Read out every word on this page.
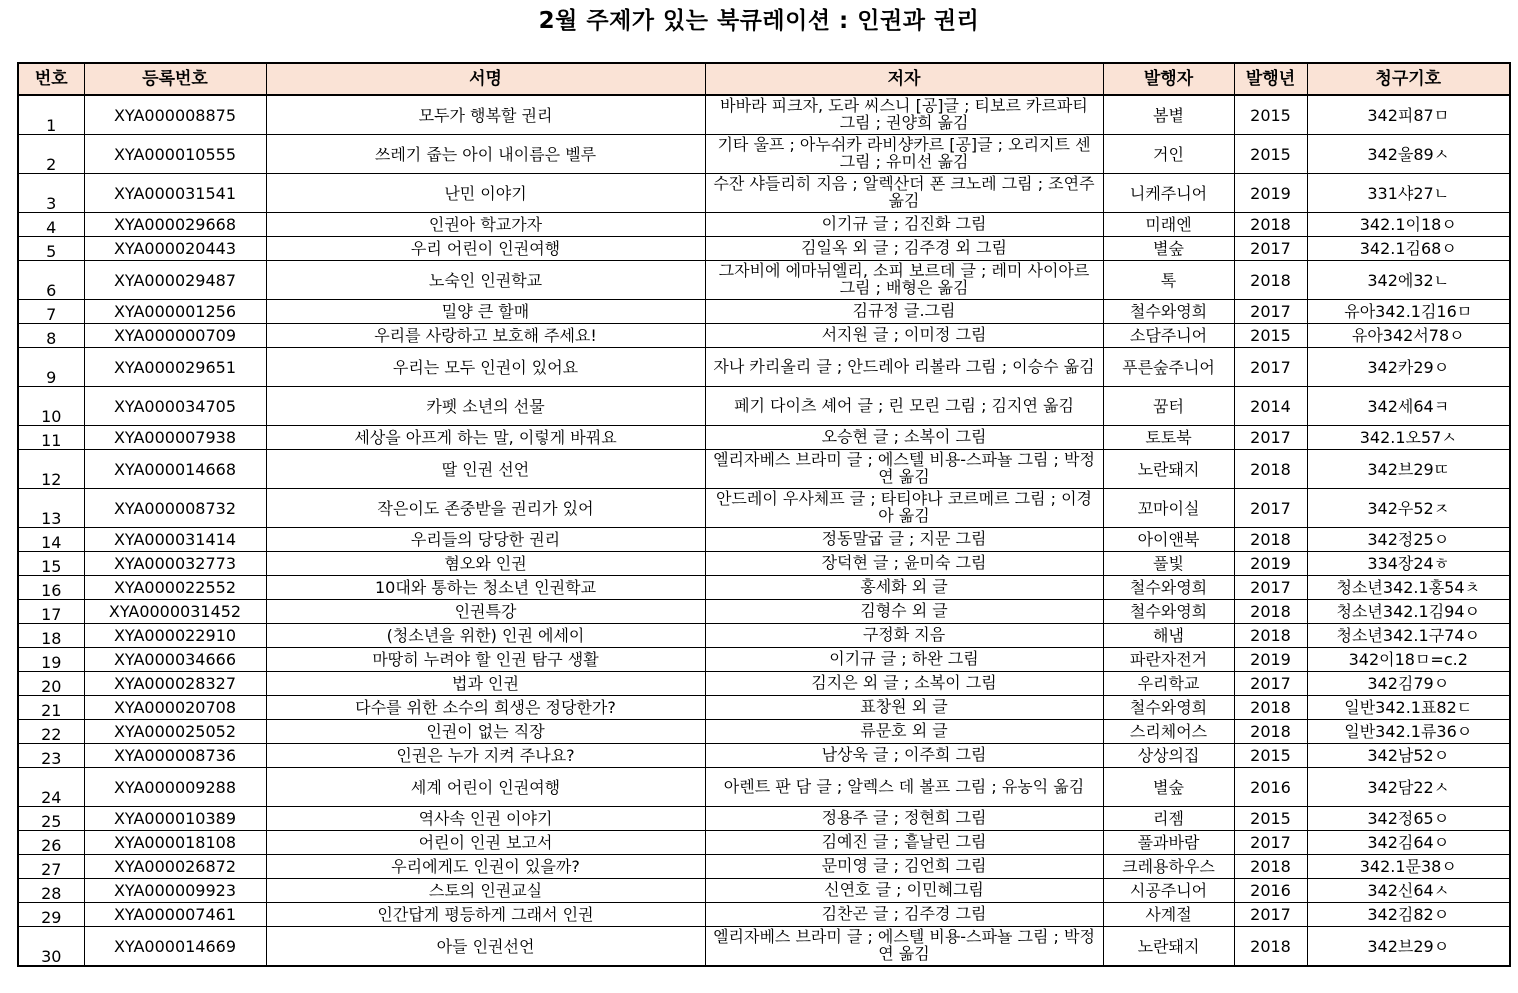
2월 주제가 있는 북큐레이션 : 인권과 권리
번호	등록번호	서명	저자	발행자	발행년	청구기호
1	XYA000008875	모두가 행복할 권리	바바라 피크자, 도라 씨스니 [공]글 ; 티보르 카르파티 그림 ; 권양희 옮김	봄볕	2015	342피87ㅁ
2	XYA000010555	쓰레기 줍는 아이 내이름은 벨루	기타 울프 ; 아누쉬카 라비샹카르 [공]글 ; 오리지트 센 그림 ; 유미선 옮김	거인	2015	342울89ㅅ
3	XYA000031541	난민 이야기	수잔 샤들리히 지음 ; 알렉산더 폰 크노레 그림 ; 조연주 옮김	니케주니어	2019	331샤27ㄴ
4	XYA000029668	인권아 학교가자	이기규 글 ; 김진화 그림	미래엔	2018	342.1이18ㅇ
5	XYA000020443	우리 어린이 인권여행	김일옥 외 글 ; 김주경 외 그림	별숲	2017	342.1김68ㅇ
6	XYA000029487	노숙인 인권학교	그자비에 에마뉘엘리, 소피 보르데 글 ; 레미 사이아르 그림 ; 배형은 옮김	톡	2018	342에32ㄴ
7	XYA000001256	밀양 큰 할매	김규정 글.그림	철수와영희	2017	유아342.1김16ㅁ
8	XYA000000709	우리를 사랑하고 보호해 주세요!	서지원 글 ; 이미정 그림	소담주니어	2015	유아342서78ㅇ
9	XYA000029651	우리는 모두 인권이 있어요	자나 카리올리 글 ; 안드레아 리볼라 그림 ; 이승수 옮김	푸른숲주니어	2017	342카29ㅇ
10	XYA000034705	카펫 소년의 선물	페기 다이츠 셰어 글 ; 린 모린 그림 ; 김지연 옮김	꿈터	2014	342세64ㅋ
11	XYA000007938	세상을 아프게 하는 말, 이렇게 바꿔요	오승현 글 ; 소복이 그림	토토북	2017	342.1오57ㅅ
12	XYA000014668	딸 인권 선언	엘리자베스 브라미 글 ; 에스텔 비용-스파뇰 그림 ; 박정연 옮김	노란돼지	2018	342브29ㄸ
13	XYA000008732	작은이도 존중받을 권리가 있어	안드레이 우사체프 글 ; 타티야나 코르메르 그림 ; 이경아 옮김	꼬마이실	2017	342우52ㅈ
14	XYA000031414	우리들의 당당한 권리	정동말굽 글 ; 지문 그림	아이앤북	2018	342정25ㅇ
15	XYA000032773	혐오와 인권	장덕현 글 ; 윤미숙 그림	풀빛	2019	334장24ㅎ
16	XYA000022552	10대와 통하는 청소년 인권학교	홍세화 외 글	철수와영희	2017	청소년342.1홍54ㅊ
17	XYA0000031452	인권특강	김형수 외 글	철수와영희	2018	청소년342.1김94ㅇ
18	XYA000022910	(청소년을 위한) 인권 에세이	구정화 지음	해냄	2018	청소년342.1구74ㅇ
19	XYA000034666	마땅히 누려야 할 인권 탐구 생활	이기규 글 ; 하완 그림	파란자전거	2019	342이18ㅁ=c.2
20	XYA000028327	법과 인권	김지은 외 글 ; 소복이 그림	우리학교	2017	342김79ㅇ
21	XYA000020708	다수를 위한 소수의 희생은 정당한가?	표창원 외 글	철수와영희	2018	일반342.1표82ㄷ
22	XYA000025052	인권이 없는 직장	류문호 외 글	스리체어스	2018	일반342.1류36ㅇ
23	XYA000008736	인권은 누가 지켜 주나요?	남상욱 글 ; 이주희 그림	상상의집	2015	342남52ㅇ
24	XYA000009288	세계 어린이 인권여행	아렌트 판 담 글 ; 알렉스 데 볼프 그림 ; 유농익 옮김	별숲	2016	342담22ㅅ
25	XYA000010389	역사속 인권 이야기	정용주 글 ; 정현희 그림	리젬	2015	342정65ㅇ
26	XYA000018108	어린이 인권 보고서	김예진 글 ; 흩날린 그림	풀과바람	2017	342김64ㅇ
27	XYA000026872	우리에게도 인권이 있을까?	문미영 글 ; 김언희 그림	크레용하우스	2018	342.1문38ㅇ
28	XYA000009923	스토의 인권교실	신연호 글 ; 이민혜그림	시공주니어	2016	342신64ㅅ
29	XYA000007461	인간답게 평등하게 그래서 인권	김찬곤 글 ; 김주경 그림	사계절	2017	342김82ㅇ
30	XYA000014669	아들 인권선언	엘리자베스 브라미 글 ; 에스텔 비용-스파뇰 그림 ; 박정연 옮김	노란돼지	2018	342브29ㅇ
